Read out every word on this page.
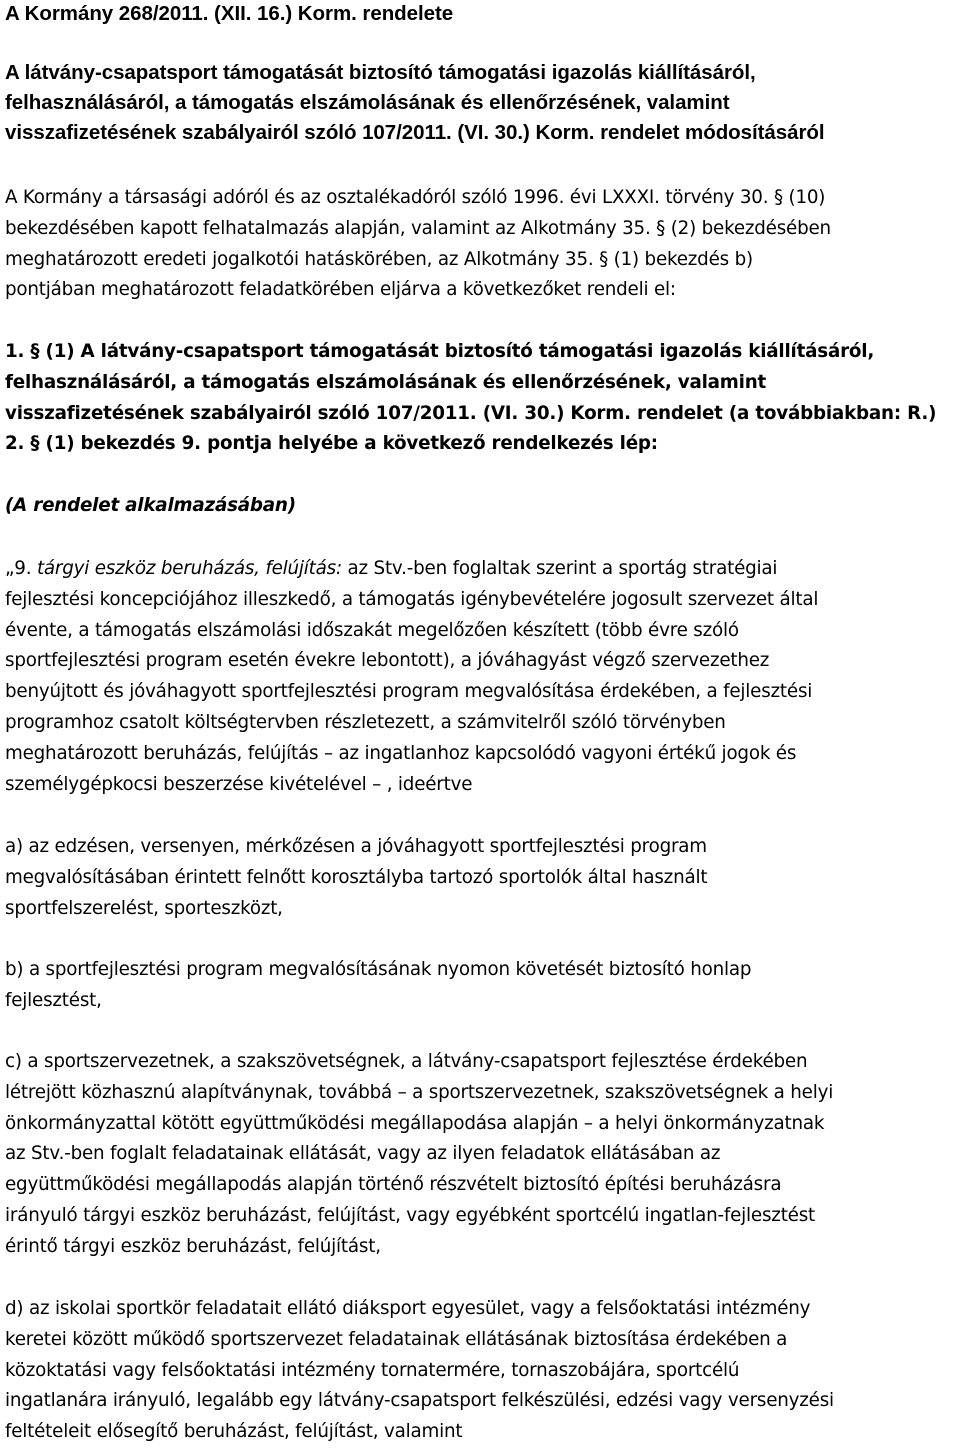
A Kormány 268/2011. (XII. 16.) Korm. rendelete
A látvány-csapatsport támogatását biztosító támogatási igazolás kiállításáról,
felhasználásáról, a támogatás elszámolásának és ellenőrzésének, valamint
visszafizetésének szabályairól szóló 107/2011. (VI. 30.) Korm. rendelet módosításáról
A Kormány a társasági adóról és az osztalékadóról szóló 1996. évi LXXXI. törvény 30. § (10)
bekezdésében kapott felhatalmazás alapján, valamint az Alkotmány 35. § (2) bekezdésében
meghatározott eredeti jogalkotói hatáskörében, az Alkotmány 35. § (1) bekezdés b)
pontjában meghatározott feladatkörében eljárva a következőket rendeli el:
1. § (1) A látvány-csapatsport támogatását biztosító támogatási igazolás kiállításáról,
felhasználásáról, a támogatás elszámolásának és ellenőrzésének, valamint
visszafizetésének szabályairól szóló 107/2011. (VI. 30.) Korm. rendelet (a továbbiakban: R.)
2. § (1) bekezdés 9. pontja helyébe a következő rendelkezés lép:
(A rendelet alkalmazásában)
„9. tárgyi eszköz beruházás, felújítás: az Stv.-ben foglaltak szerint a sportág stratégiai
fejlesztési koncepciójához illeszkedő, a támogatás igénybevételére jogosult szervezet által
évente, a támogatás elszámolási időszakát megelőzően készített (több évre szóló
sportfejlesztési program esetén évekre lebontott), a jóváhagyást végző szervezethez
benyújtott és jóváhagyott sportfejlesztési program megvalósítása érdekében, a fejlesztési
programhoz csatolt költségtervben részletezett, a számvitelről szóló törvényben
meghatározott beruházás, felújítás – az ingatlanhoz kapcsolódó vagyoni értékű jogok és
személygépkocsi beszerzése kivételével – , ideértve
a) az edzésen, versenyen, mérkőzésen a jóváhagyott sportfejlesztési program
megvalósításában érintett felnőtt korosztályba tartozó sportolók által használt
sportfelszerelést, sporteszközt,
b) a sportfejlesztési program megvalósításának nyomon követését biztosító honlap
fejlesztést,
c) a sportszervezetnek, a szakszövetségnek, a látvány-csapatsport fejlesztése érdekében
létrejött közhasznú alapítványnak, továbbá – a sportszervezetnek, szakszövetségnek a helyi
önkormányzattal kötött együttműködési megállapodása alapján – a helyi önkormányzatnak
az Stv.-ben foglalt feladatainak ellátását, vagy az ilyen feladatok ellátásában az
együttműködési megállapodás alapján történő részvételt biztosító építési beruházásra
irányuló tárgyi eszköz beruházást, felújítást, vagy egyébként sportcélú ingatlan-fejlesztést
érintő tárgyi eszköz beruházást, felújítást,
d) az iskolai sportkör feladatait ellátó diáksport egyesület, vagy a felsőoktatási intézmény
keretei között működő sportszervezet feladatainak ellátásának biztosítása érdekében a
közoktatási vagy felsőoktatási intézmény tornatermére, tornaszobájára, sportcélú
ingatlanára irányuló, legalább egy látvány-csapatsport felkészülési, edzési vagy versenyzési
feltételeit elősegítő beruházást, felújítást, valamint
